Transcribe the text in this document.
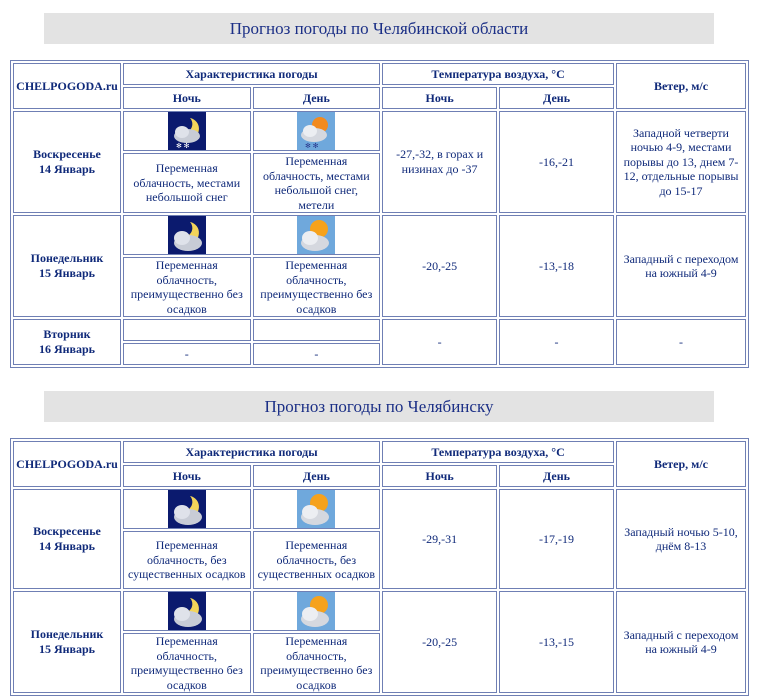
Прогноз погоды по Челябинской области
CHELPOGODA.ru	Характеристика погоды		Температура воздуха, °С		Ветер, м/с
	Ночь	День	Ночь	День	
Воскресенье
14 Январь	✻ ✻	✻ ✻	-27,-32, в горах и низинах до -37	-16,-21	Западной четверти ночью 4-9, местами порывы до 13, днем 7-12, отдельные порывы до 15-17
	Переменная облачность, местами небольшой снег	Переменная облачность, местами небольшой снег, метели			
Понедельник
15 Январь			-20,-25	-13,-18	Западный с переходом на южный 4-9
	Переменная облачность, преимущественно без осадков	Переменная облачность, преимущественно без осадков			
Вторник
16 Январь			-	-	-
	-	-			
Прогноз погоды по Челябинску
CHELPOGODA.ru	Характеристика погоды		Температура воздуха, °С		Ветер, м/с
	Ночь	День	Ночь	День	
Воскресенье
14 Январь			-29,-31	-17,-19	Западный ночью 5-10, днём 8-13
	Переменная облачность, без существенных осадков	Переменная облачность, без существенных осадков			
Понедельник
15 Январь			-20,-25	-13,-15	Западный с переходом на южный 4-9
	Переменная облачность, преимущественно без осадков	Переменная облачность, преимущественно без осадков			
